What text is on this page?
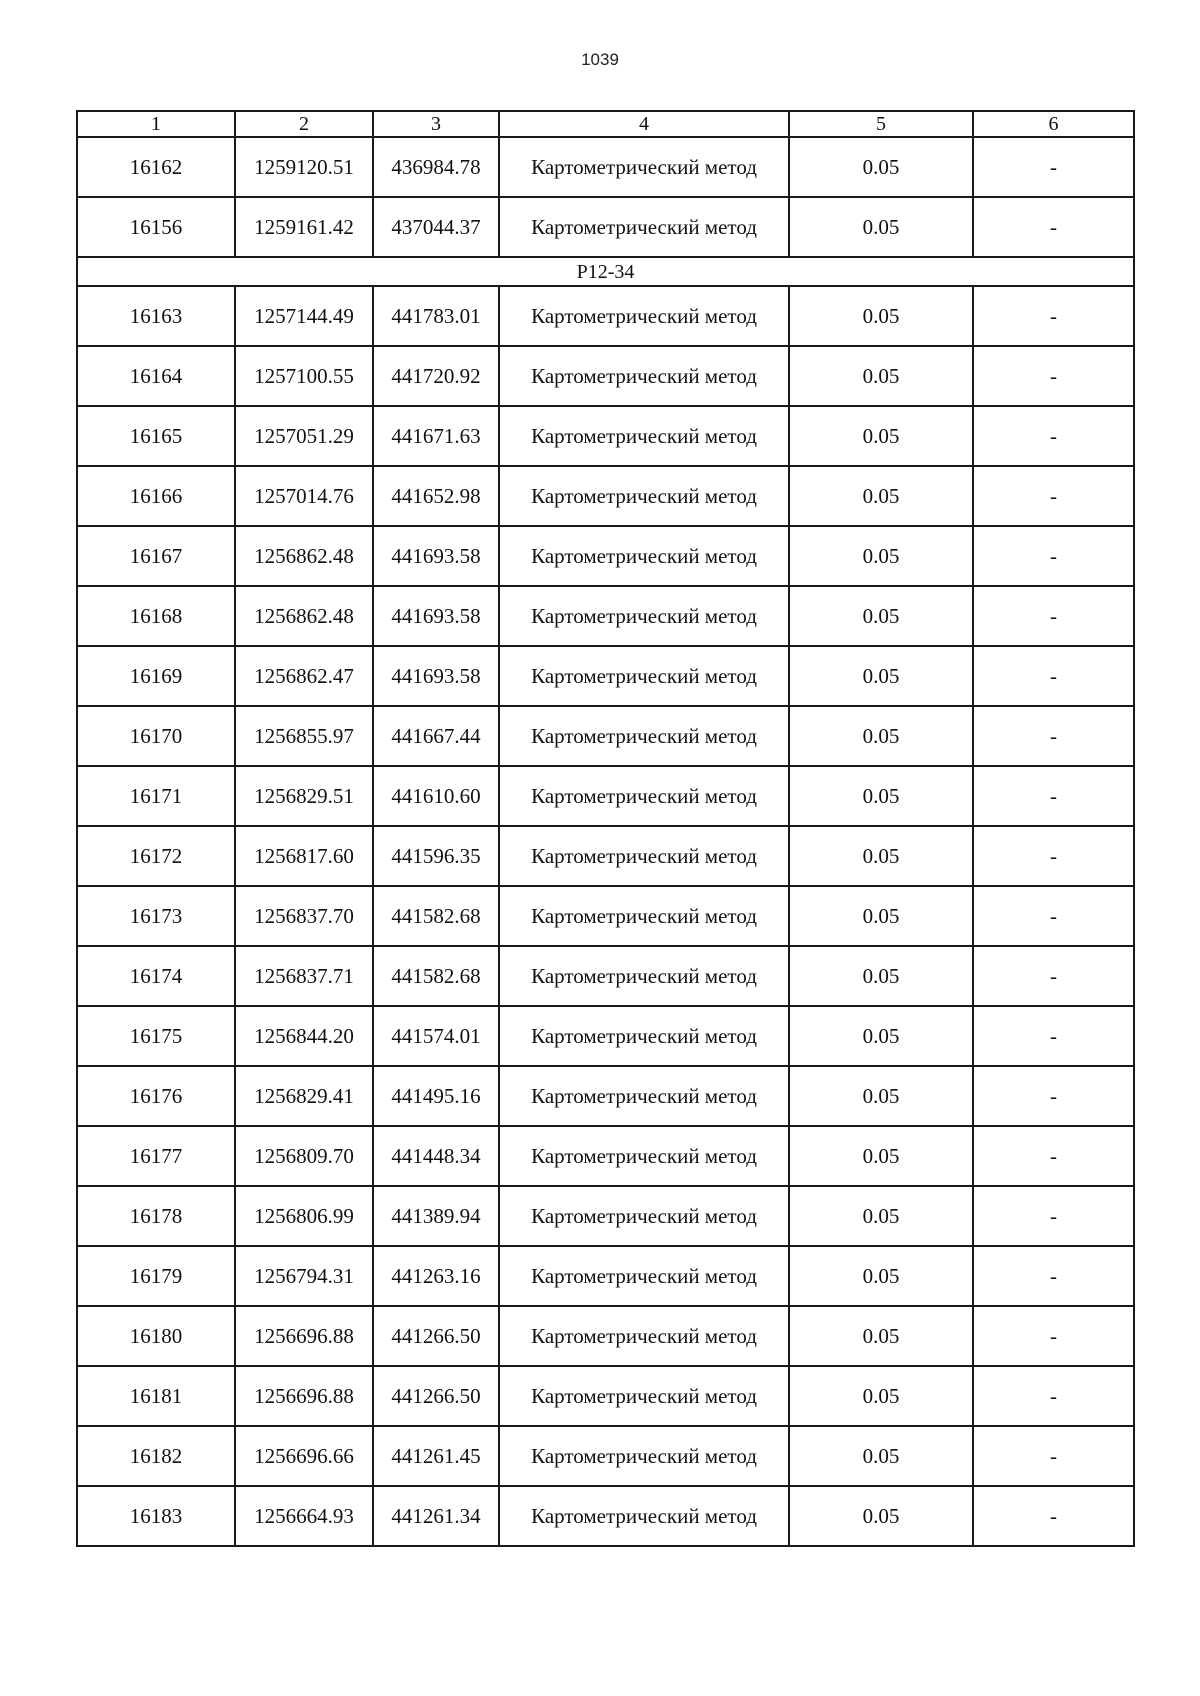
1039
1	2	3	4	5	6
16162	1259120.51	436984.78	Картометрический метод	0.05	-
16156	1259161.42	437044.37	Картометрический метод	0.05	-
P12-34					
16163	1257144.49	441783.01	Картометрический метод	0.05	-
16164	1257100.55	441720.92	Картометрический метод	0.05	-
16165	1257051.29	441671.63	Картометрический метод	0.05	-
16166	1257014.76	441652.98	Картометрический метод	0.05	-
16167	1256862.48	441693.58	Картометрический метод	0.05	-
16168	1256862.48	441693.58	Картометрический метод	0.05	-
16169	1256862.47	441693.58	Картометрический метод	0.05	-
16170	1256855.97	441667.44	Картометрический метод	0.05	-
16171	1256829.51	441610.60	Картометрический метод	0.05	-
16172	1256817.60	441596.35	Картометрический метод	0.05	-
16173	1256837.70	441582.68	Картометрический метод	0.05	-
16174	1256837.71	441582.68	Картометрический метод	0.05	-
16175	1256844.20	441574.01	Картометрический метод	0.05	-
16176	1256829.41	441495.16	Картометрический метод	0.05	-
16177	1256809.70	441448.34	Картометрический метод	0.05	-
16178	1256806.99	441389.94	Картометрический метод	0.05	-
16179	1256794.31	441263.16	Картометрический метод	0.05	-
16180	1256696.88	441266.50	Картометрический метод	0.05	-
16181	1256696.88	441266.50	Картометрический метод	0.05	-
16182	1256696.66	441261.45	Картометрический метод	0.05	-
16183	1256664.93	441261.34	Картометрический метод	0.05	-
